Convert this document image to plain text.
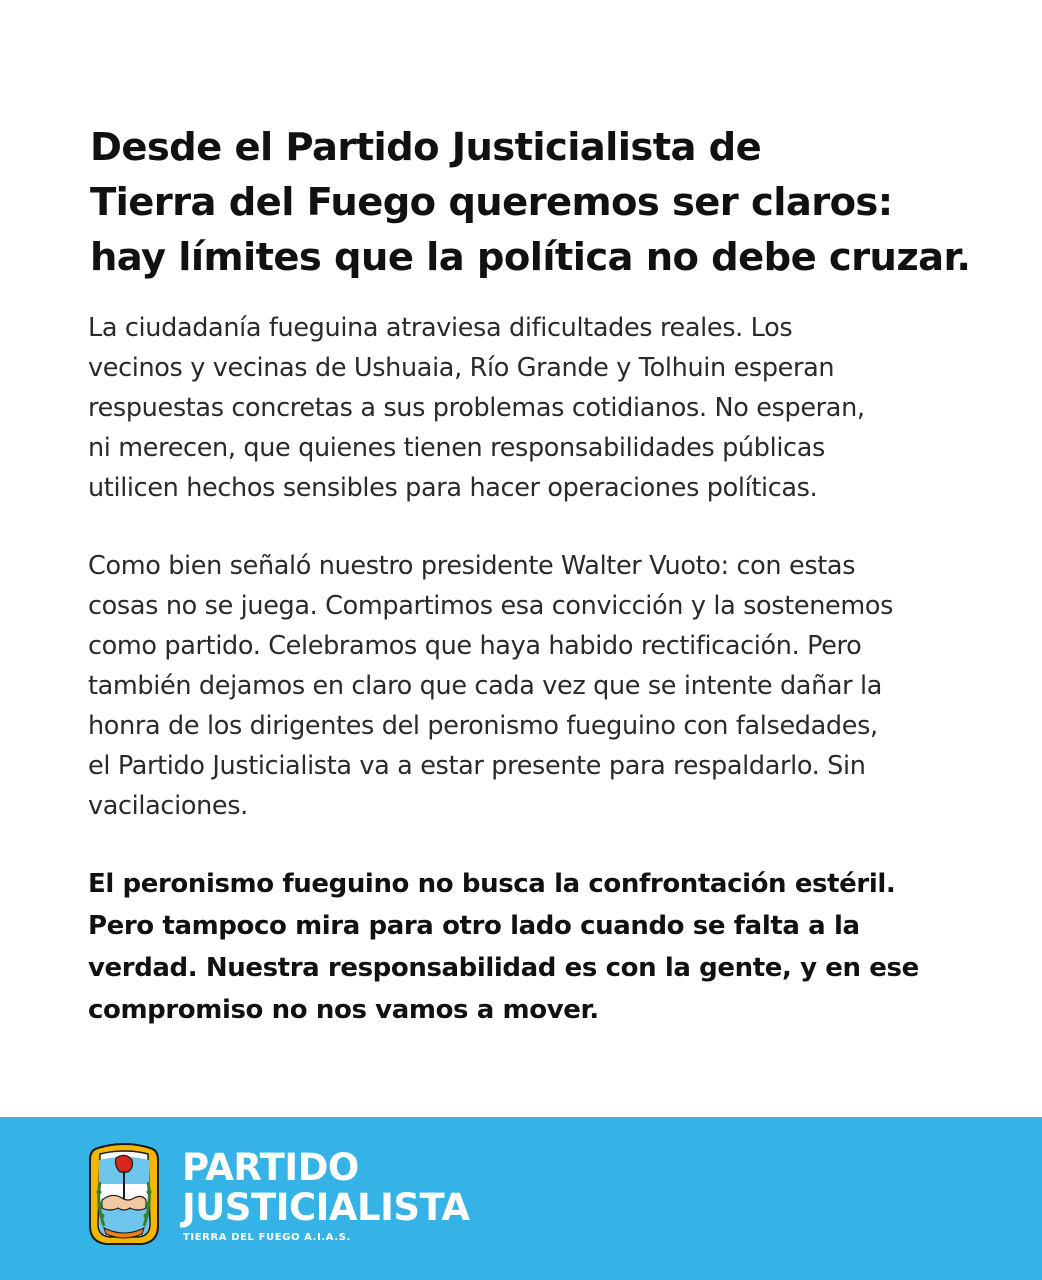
Desde el Partido Justicialista de
Tierra del Fuego queremos ser claros:
hay límites que la política no debe cruzar.

La ciudadanía fueguina atraviesa dificultades reales. Los
vecinos y vecinas de Ushuaia, Río Grande y Tolhuin esperan
respuestas concretas a sus problemas cotidianos. No esperan,
ni merecen, que quienes tienen responsabilidades públicas
utilicen hechos sensibles para hacer operaciones políticas.

Como bien señaló nuestro presidente Walter Vuoto: con estas
cosas no se juega. Compartimos esa convicción y la sostenemos
como partido. Celebramos que haya habido rectificación. Pero
también dejamos en claro que cada vez que se intente dañar la
honra de los dirigentes del peronismo fueguino con falsedades,
el Partido Justicialista va a estar presente para respaldarlo. Sin
vacilaciones.

El peronismo fueguino no busca la confrontación estéril.
Pero tampoco mira para otro lado cuando se falta a la
verdad. Nuestra responsabilidad es con la gente, y en ese
compromiso no nos vamos a mover.

PARTIDO
JUSTICIALISTA
TIERRA DEL FUEGO A.I.A.S.
